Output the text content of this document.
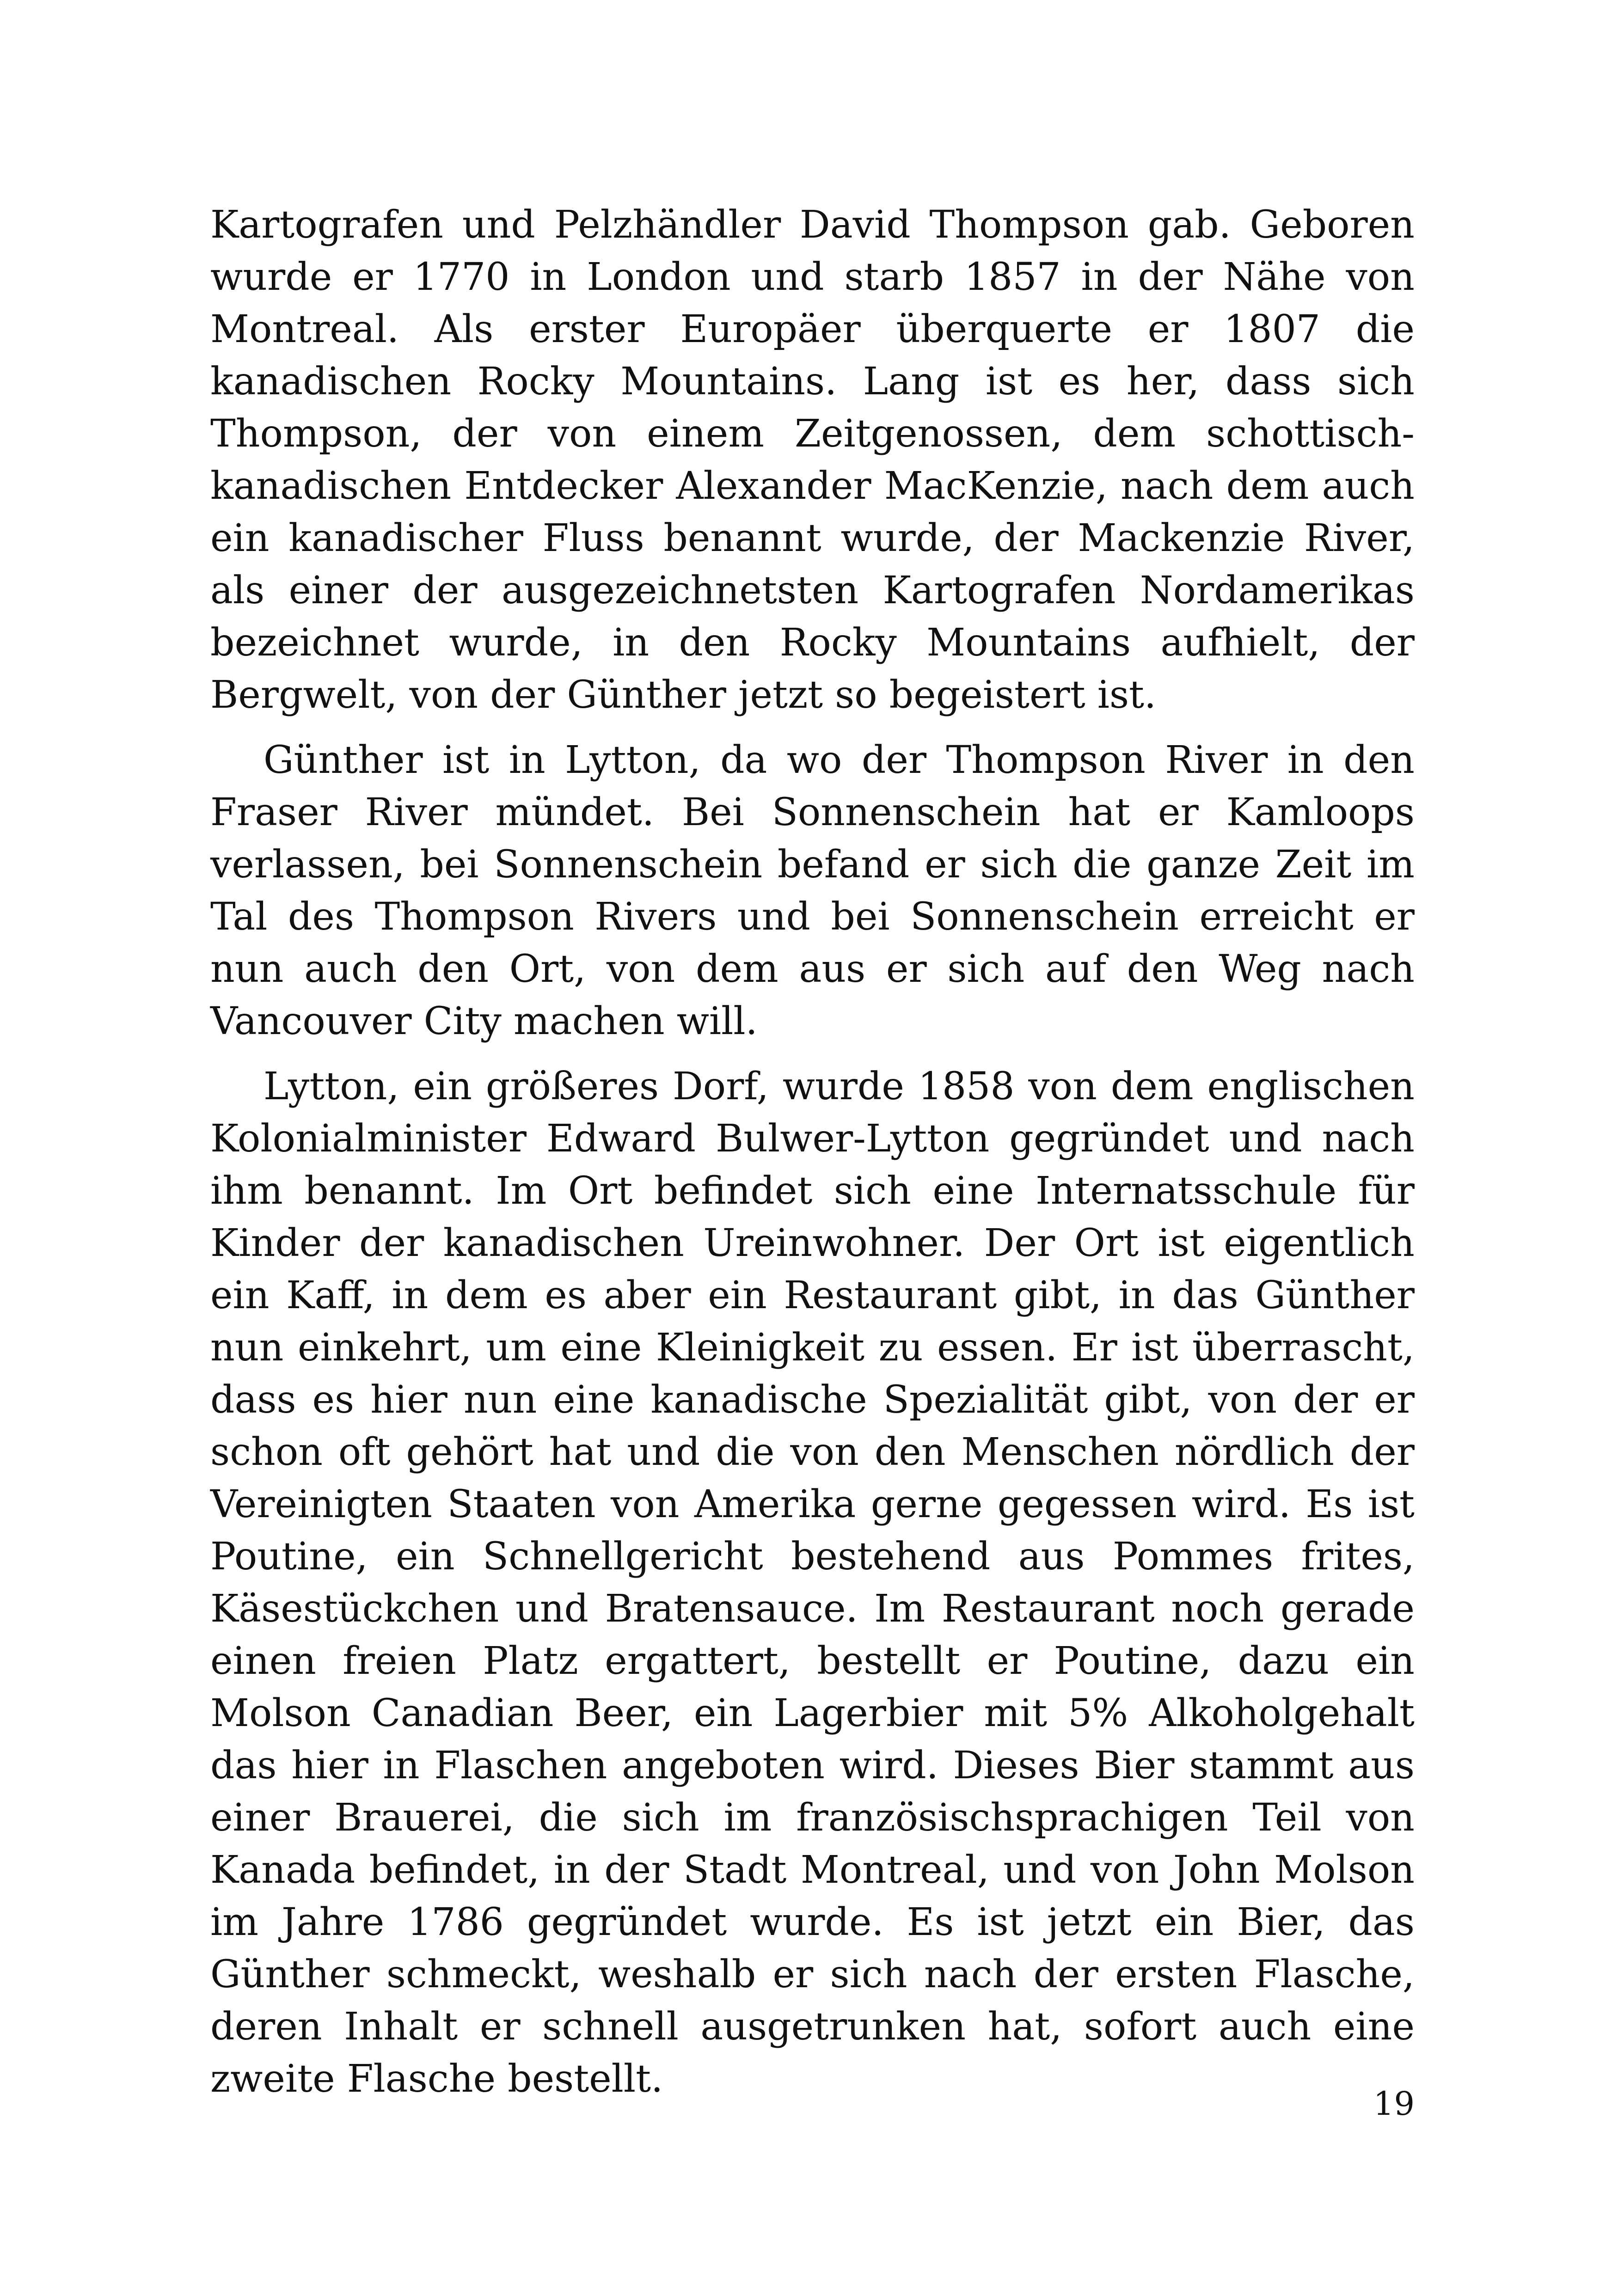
Kartografen und Pelzhändler David Thompson gab. Geboren wurde er 1770 in London und starb 1857 in der Nähe von Montreal. Als erster Europäer überquerte er 1807 die kanadischen Rocky Mountains. Lang ist es her, dass sich Thompson, der von einem Zeitgenossen, dem schottisch-kanadischen Entdecker Alexander MacKenzie, nach dem auch ein kanadischer Fluss benannt wurde, der Mackenzie River, als einer der ausgezeichnetsten Kartografen Nordamerikas bezeichnet wurde, in den Rocky Mountains aufhielt, der Bergwelt, von der Günther jetzt so begeistert ist.

Günther ist in Lytton, da wo der Thompson River in den Fraser River mündet. Bei Sonnenschein hat er Kamloops verlassen, bei Sonnenschein befand er sich die ganze Zeit im Tal des Thompson Rivers und bei Sonnenschein erreicht er nun auch den Ort, von dem aus er sich auf den Weg nach Vancouver City machen will.

Lytton, ein größeres Dorf, wurde 1858 von dem englischen Kolonialminister Edward Bulwer-Lytton gegründet und nach ihm benannt. Im Ort befindet sich eine Internatsschule für Kinder der kanadischen Ureinwohner. Der Ort ist eigentlich ein Kaff, in dem es aber ein Restaurant gibt, in das Günther nun einkehrt, um eine Kleinigkeit zu essen. Er ist überrascht, dass es hier nun eine kanadische Spezialität gibt, von der er schon oft gehört hat und die von den Menschen nördlich der Vereinigten Staaten von Amerika gerne gegessen wird. Es ist Poutine, ein Schnellgericht bestehend aus Pommes frites, Käsestückchen und Bratensauce. Im Restaurant noch gerade einen freien Platz ergattert, bestellt er Poutine, dazu ein Molson Canadian Beer, ein Lagerbier mit 5% Alkoholgehalt das hier in Flaschen angeboten wird. Dieses Bier stammt aus einer Brauerei, die sich im französischsprachigen Teil von Kanada befindet, in der Stadt Montreal, und von John Molson im Jahre 1786 gegründet wurde. Es ist jetzt ein Bier, das Günther schmeckt, weshalb er sich nach der ersten Flasche, deren Inhalt er schnell ausgetrunken hat, sofort auch eine zweite Flasche bestellt.

19
